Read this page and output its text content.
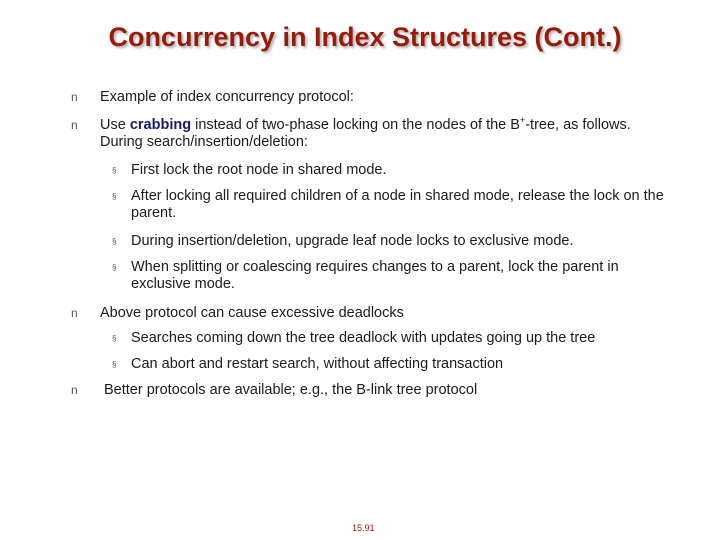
Concurrency in Index Structures (Cont.)
n Example of index concurrency protocol:
n Use crabbing instead of two-phase locking on the nodes of the B+-tree, as follows. During search/insertion/deletion:
§ First lock the root node in shared mode.
§ After locking all required children of a node in shared mode, release the lock on the parent.
§ During insertion/deletion, upgrade leaf node locks to exclusive mode.
§ When splitting or coalescing requires changes to a parent, lock the parent in exclusive mode.
n Above protocol can cause excessive deadlocks
§ Searches coming down the tree deadlock with updates going up the tree
§ Can abort and restart search, without affecting transaction
n Better protocols are available; e.g., the B-link tree protocol
15.91
